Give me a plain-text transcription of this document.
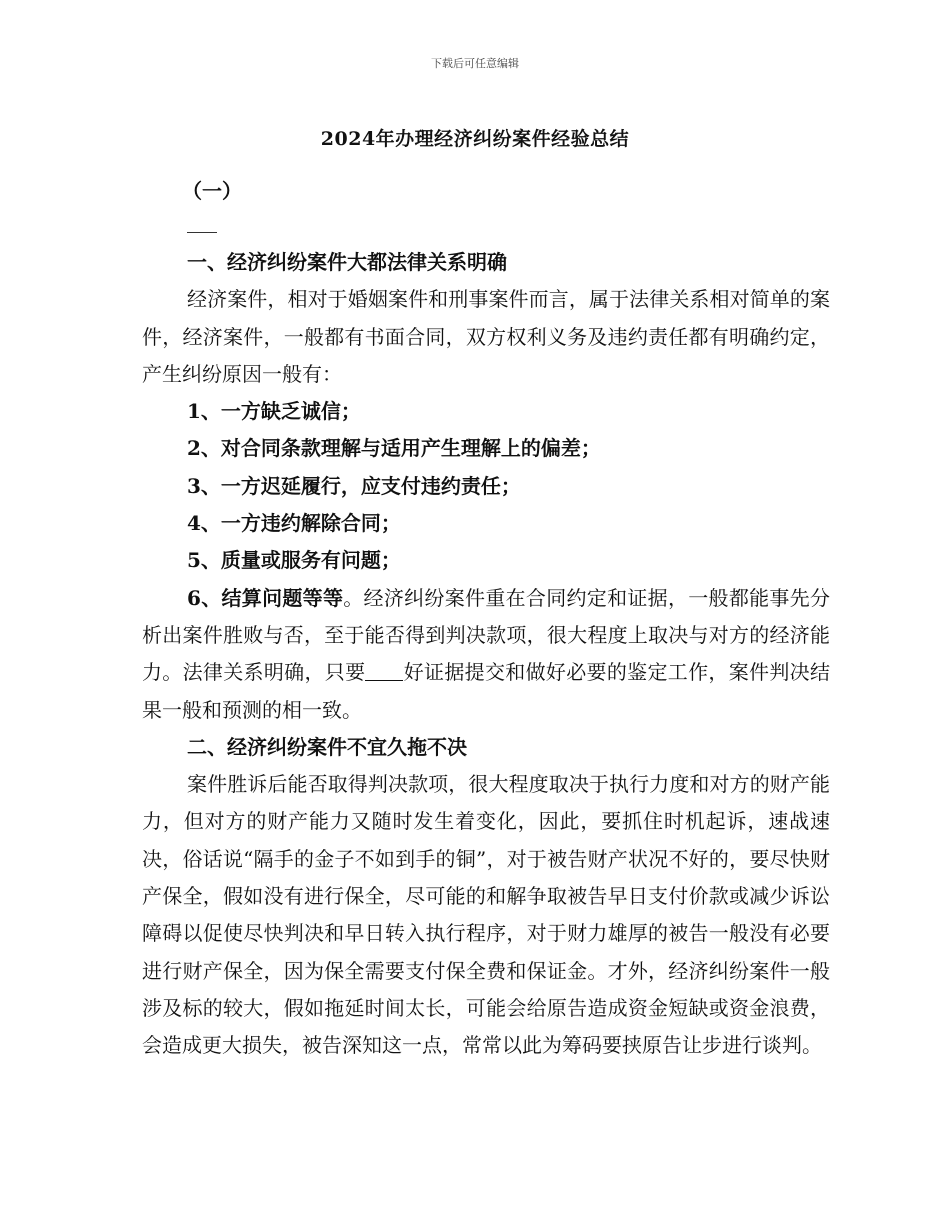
下载后可任意编辑
2024年办理经济纠纷案件经验总结
（一）

一、经济纠纷案件大都法律关系明确

经济案件，相对于婚姻案件和刑事案件而言，属于法律关系相对简单的案件，经济案件，一般都有书面合同，双方权利义务及违约责任都有明确约定，产生纠纷原因一般有：

1、一方缺乏诚信；

2、对合同条款理解与适用产生理解上的偏差；

3、一方迟延履行，应支付违约责任；

4、一方违约解除合同；

5、质量或服务有问题；

6、结算问题等等。经济纠纷案件重在合同约定和证据，一般都能事先分析出案件胜败与否，至于能否得到判决款项，很大程度上取决与对方的经济能力。法律关系明确，只要 好证据提交和做好必要的鉴定工作，案件判决结果一般和预测的相一致。

二、经济纠纷案件不宜久拖不决

案件胜诉后能否取得判决款项，很大程度取决于执行力度和对方的财产能力，但对方的财产能力又随时发生着变化，因此，要抓住时机起诉，速战速决，俗话说“隔手的金子不如到手的铜”，对于被告财产状况不好的，要尽快财产保全，假如没有进行保全，尽可能的和解争取被告早日支付价款或减少诉讼障碍以促使尽快判决和早日转入执行程序，对于财力雄厚的被告一般没有必要进行财产保全，因为保全需要支付保全费和保证金。才外，经济纠纷案件一般涉及标的较大，假如拖延时间太长，可能会给原告造成资金短缺或资金浪费，会造成更大损失，被告深知这一点，常常以此为筹码要挟原告让步进行谈判。
